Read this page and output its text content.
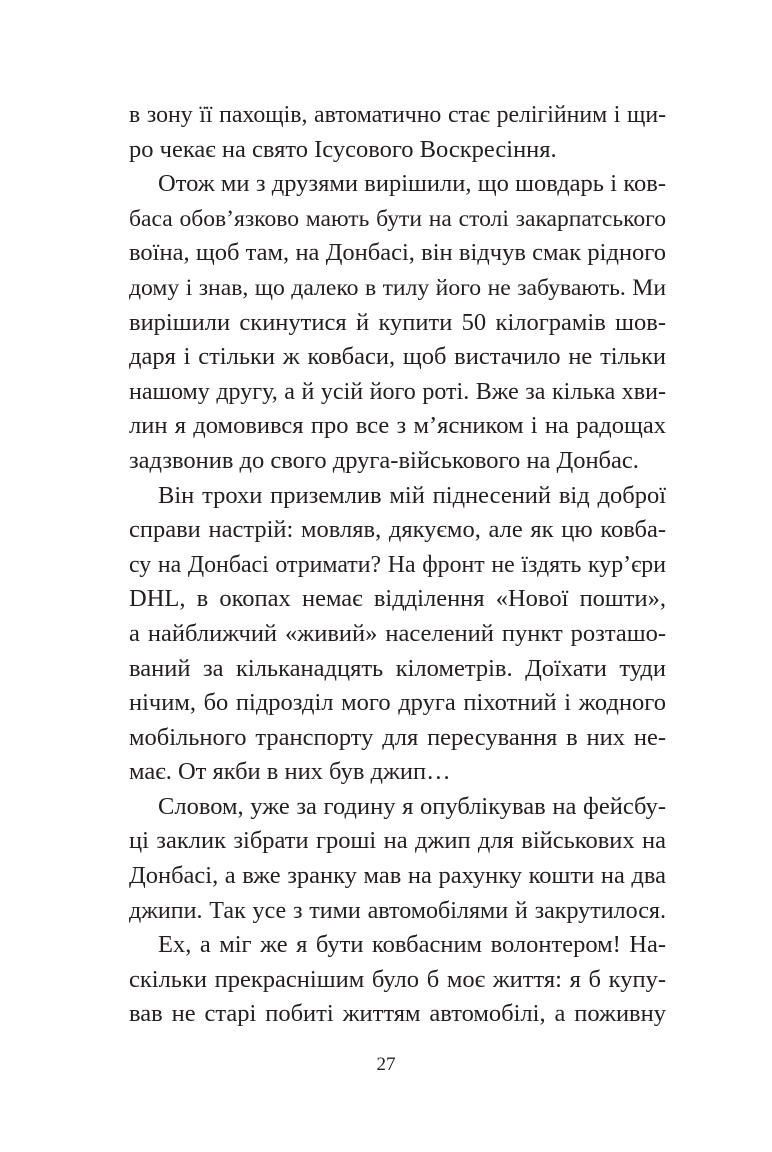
в зону її пахощів, автоматично стає релігійним і щи-
ро чекає на свято Ісусового Воскресіння.
Отож ми з друзями вирішили, що шовдарь і ков-
баса обов’язково мають бути на столі закарпатського
воїна, щоб там, на Донбасі, він відчув смак рідного
дому і знав, що далеко в тилу його не забувають. Ми
вирішили скинутися й купити 50 кілограмів шов-
даря і стільки ж ковбаси, щоб вистачило не тільки
нашому другу, а й усій його роті. Вже за кілька хви-
лин я домовився про все з м’ясником і на радощах
задзвонив до свого друга-військового на Донбас.
Він трохи приземлив мій піднесений від доброї
справи настрій: мовляв, дякуємо, але як цю ковба-
су на Донбасі отримати? На фронт не їздять кур’єри
DHL, в окопах немає відділення «Нової пошти»,
а найближчий «живий» населений пункт розташо-
ваний за кільканадцять кілометрів. Доїхати туди
нічим, бо підрозділ мого друга піхотний і жодного
мобільного транспорту для пересування в них не-
має. От якби в них був джип…
Словом, уже за годину я опублікував на фейсбу-
ці заклик зібрати гроші на джип для військових на
Донбасі, а вже зранку мав на рахунку кошти на два
джипи. Так усе з тими автомобілями й закрутилося.
Ех, а міг же я бути ковбасним волонтером! На-
скільки прекраснішим було б моє життя: я б купу-
вав не старі побиті життям автомобілі, а поживну
27
